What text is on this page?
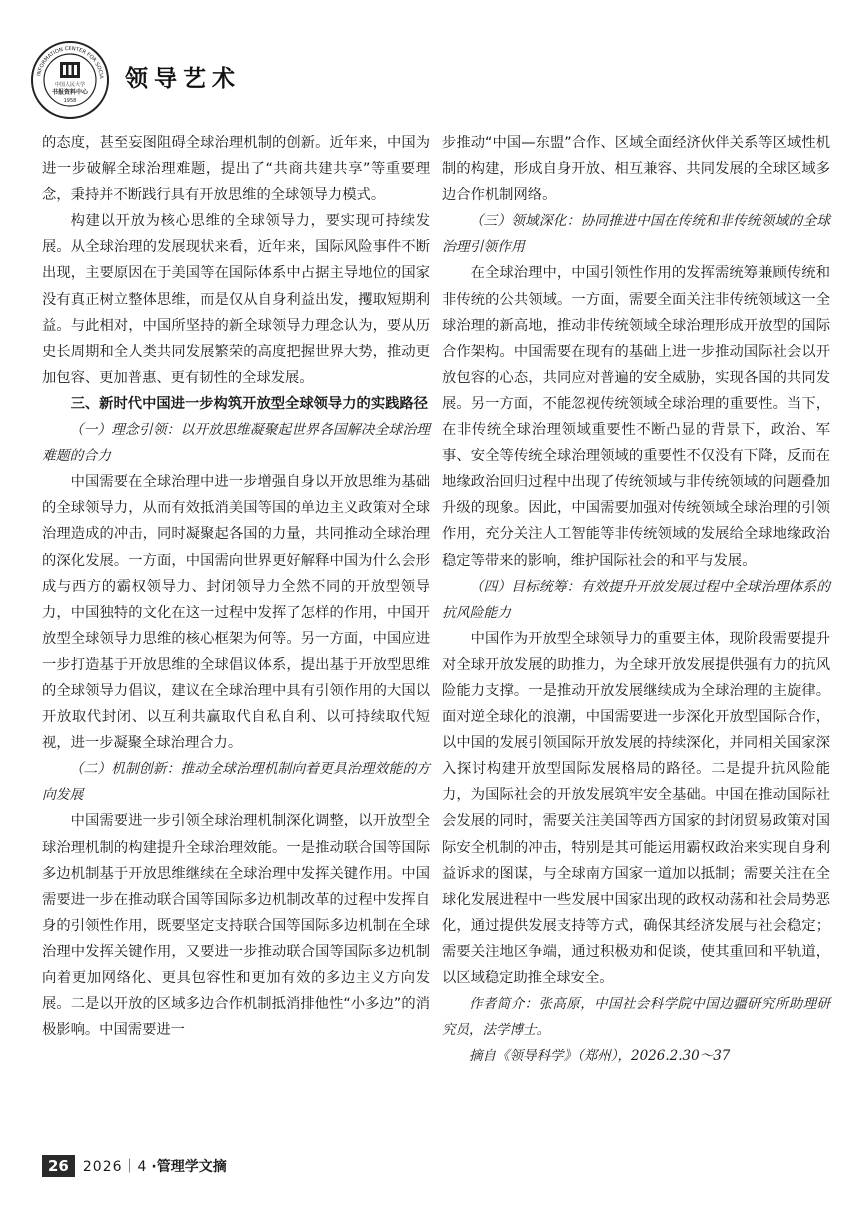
中国人民大学
书报资料中心
1958
INFORMATION CENTER FOR SOCIA 领导艺术

的态度，甚至妄图阻碍全球治理机制的创新。近年来，中国为进一步破解全球治理难题，提出了“共商共建共享”等重要理念，秉持并不断践行具有开放思维的全球领导力模式。

构建以开放为核心思维的全球领导力，要实现可持续发展。从全球治理的发展现状来看，近年来，国际风险事件不断出现，主要原因在于美国等在国际体系中占据主导地位的国家没有真正树立整体思维，而是仅从自身利益出发，攫取短期利益。与此相对，中国所坚持的新全球领导力理念认为，要从历史长周期和全人类共同发展繁荣的高度把握世界大势，推动更加包容、更加普惠、更有韧性的全球发展。

三、新时代中国进一步构筑开放型全球领导力的实践路径
（一）理念引领：以开放思维凝聚起世界各国解决全球治理难题的合力

中国需要在全球治理中进一步增强自身以开放思维为基础的全球领导力，从而有效抵消美国等国的单边主义政策对全球治理造成的冲击，同时凝聚起各国的力量，共同推动全球治理的深化发展。一方面，中国需向世界更好解释中国为什么会形成与西方的霸权领导力、封闭领导力全然不同的开放型领导力，中国独特的文化在这一过程中发挥了怎样的作用，中国开放型全球领导力思维的核心框架为何等。另一方面，中国应进一步打造基于开放思维的全球倡议体系，提出基于开放型思维的全球领导力倡议，建议在全球治理中具有引领作用的大国以开放取代封闭、以互利共赢取代自私自利、以可持续取代短视，进一步凝聚全球治理合力。

（二）机制创新：推动全球治理机制向着更具治理效能的方向发展

中国需要进一步引领全球治理机制深化调整，以开放型全球治理机制的构建提升全球治理效能。一是推动联合国等国际多边机制基于开放思维继续在全球治理中发挥关键作用。中国需要进一步在推动联合国等国际多边机制改革的过程中发挥自身的引领性作用，既要坚定支持联合国等国际多边机制在全球治理中发挥关键作用，又要进一步推动联合国等国际多边机制向着更加网络化、更具包容性和更加有效的多边主义方向发展。二是以开放的区域多边合作机制抵消排他性“小多边”的消极影响。中国需要进一

步推动“中国—东盟”合作、区域全面经济伙伴关系等区域性机制的构建，形成自身开放、相互兼容、共同发展的全球区域多边合作机制网络。

（三）领域深化：协同推进中国在传统和非传统领域的全球治理引领作用

在全球治理中，中国引领性作用的发挥需统筹兼顾传统和非传统的公共领域。一方面，需要全面关注非传统领域这一全球治理的新高地，推动非传统领域全球治理形成开放型的国际合作架构。中国需要在现有的基础上进一步推动国际社会以开放包容的心态，共同应对普遍的安全威胁，实现各国的共同发展。另一方面，不能忽视传统领域全球治理的重要性。当下，在非传统全球治理领域重要性不断凸显的背景下，政治、军事、安全等传统全球治理领域的重要性不仅没有下降，反而在地缘政治回归过程中出现了传统领域与非传统领域的问题叠加升级的现象。因此，中国需要加强对传统领域全球治理的引领作用，充分关注人工智能等非传统领域的发展给全球地缘政治稳定等带来的影响，维护国际社会的和平与发展。

（四）目标统筹：有效提升开放发展过程中全球治理体系的抗风险能力

中国作为开放型全球领导力的重要主体，现阶段需要提升对全球开放发展的助推力，为全球开放发展提供强有力的抗风险能力支撑。一是推动开放发展继续成为全球治理的主旋律。面对逆全球化的浪潮，中国需要进一步深化开放型国际合作，以中国的发展引领国际开放发展的持续深化，并同相关国家深入探讨构建开放型国际发展格局的路径。二是提升抗风险能力，为国际社会的开放发展筑牢安全基础。中国在推动国际社会发展的同时，需要关注美国等西方国家的封闭贸易政策对国际安全机制的冲击，特别是其可能运用霸权政治来实现自身利益诉求的图谋，与全球南方国家一道加以抵制；需要关注在全球化发展进程中一些发展中国家出现的政权动荡和社会局势恶化，通过提供发展支持等方式，确保其经济发展与社会稳定；需要关注地区争端，通过积极劝和促谈，使其重回和平轨道，以区域稳定助推全球安全。

作者简介：张高原，中国社会科学院中国边疆研究所助理研究员，法学博士。

摘自《领导科学》（郑州），2026.2.30～37

26	2026｜4 ·管理学文摘
